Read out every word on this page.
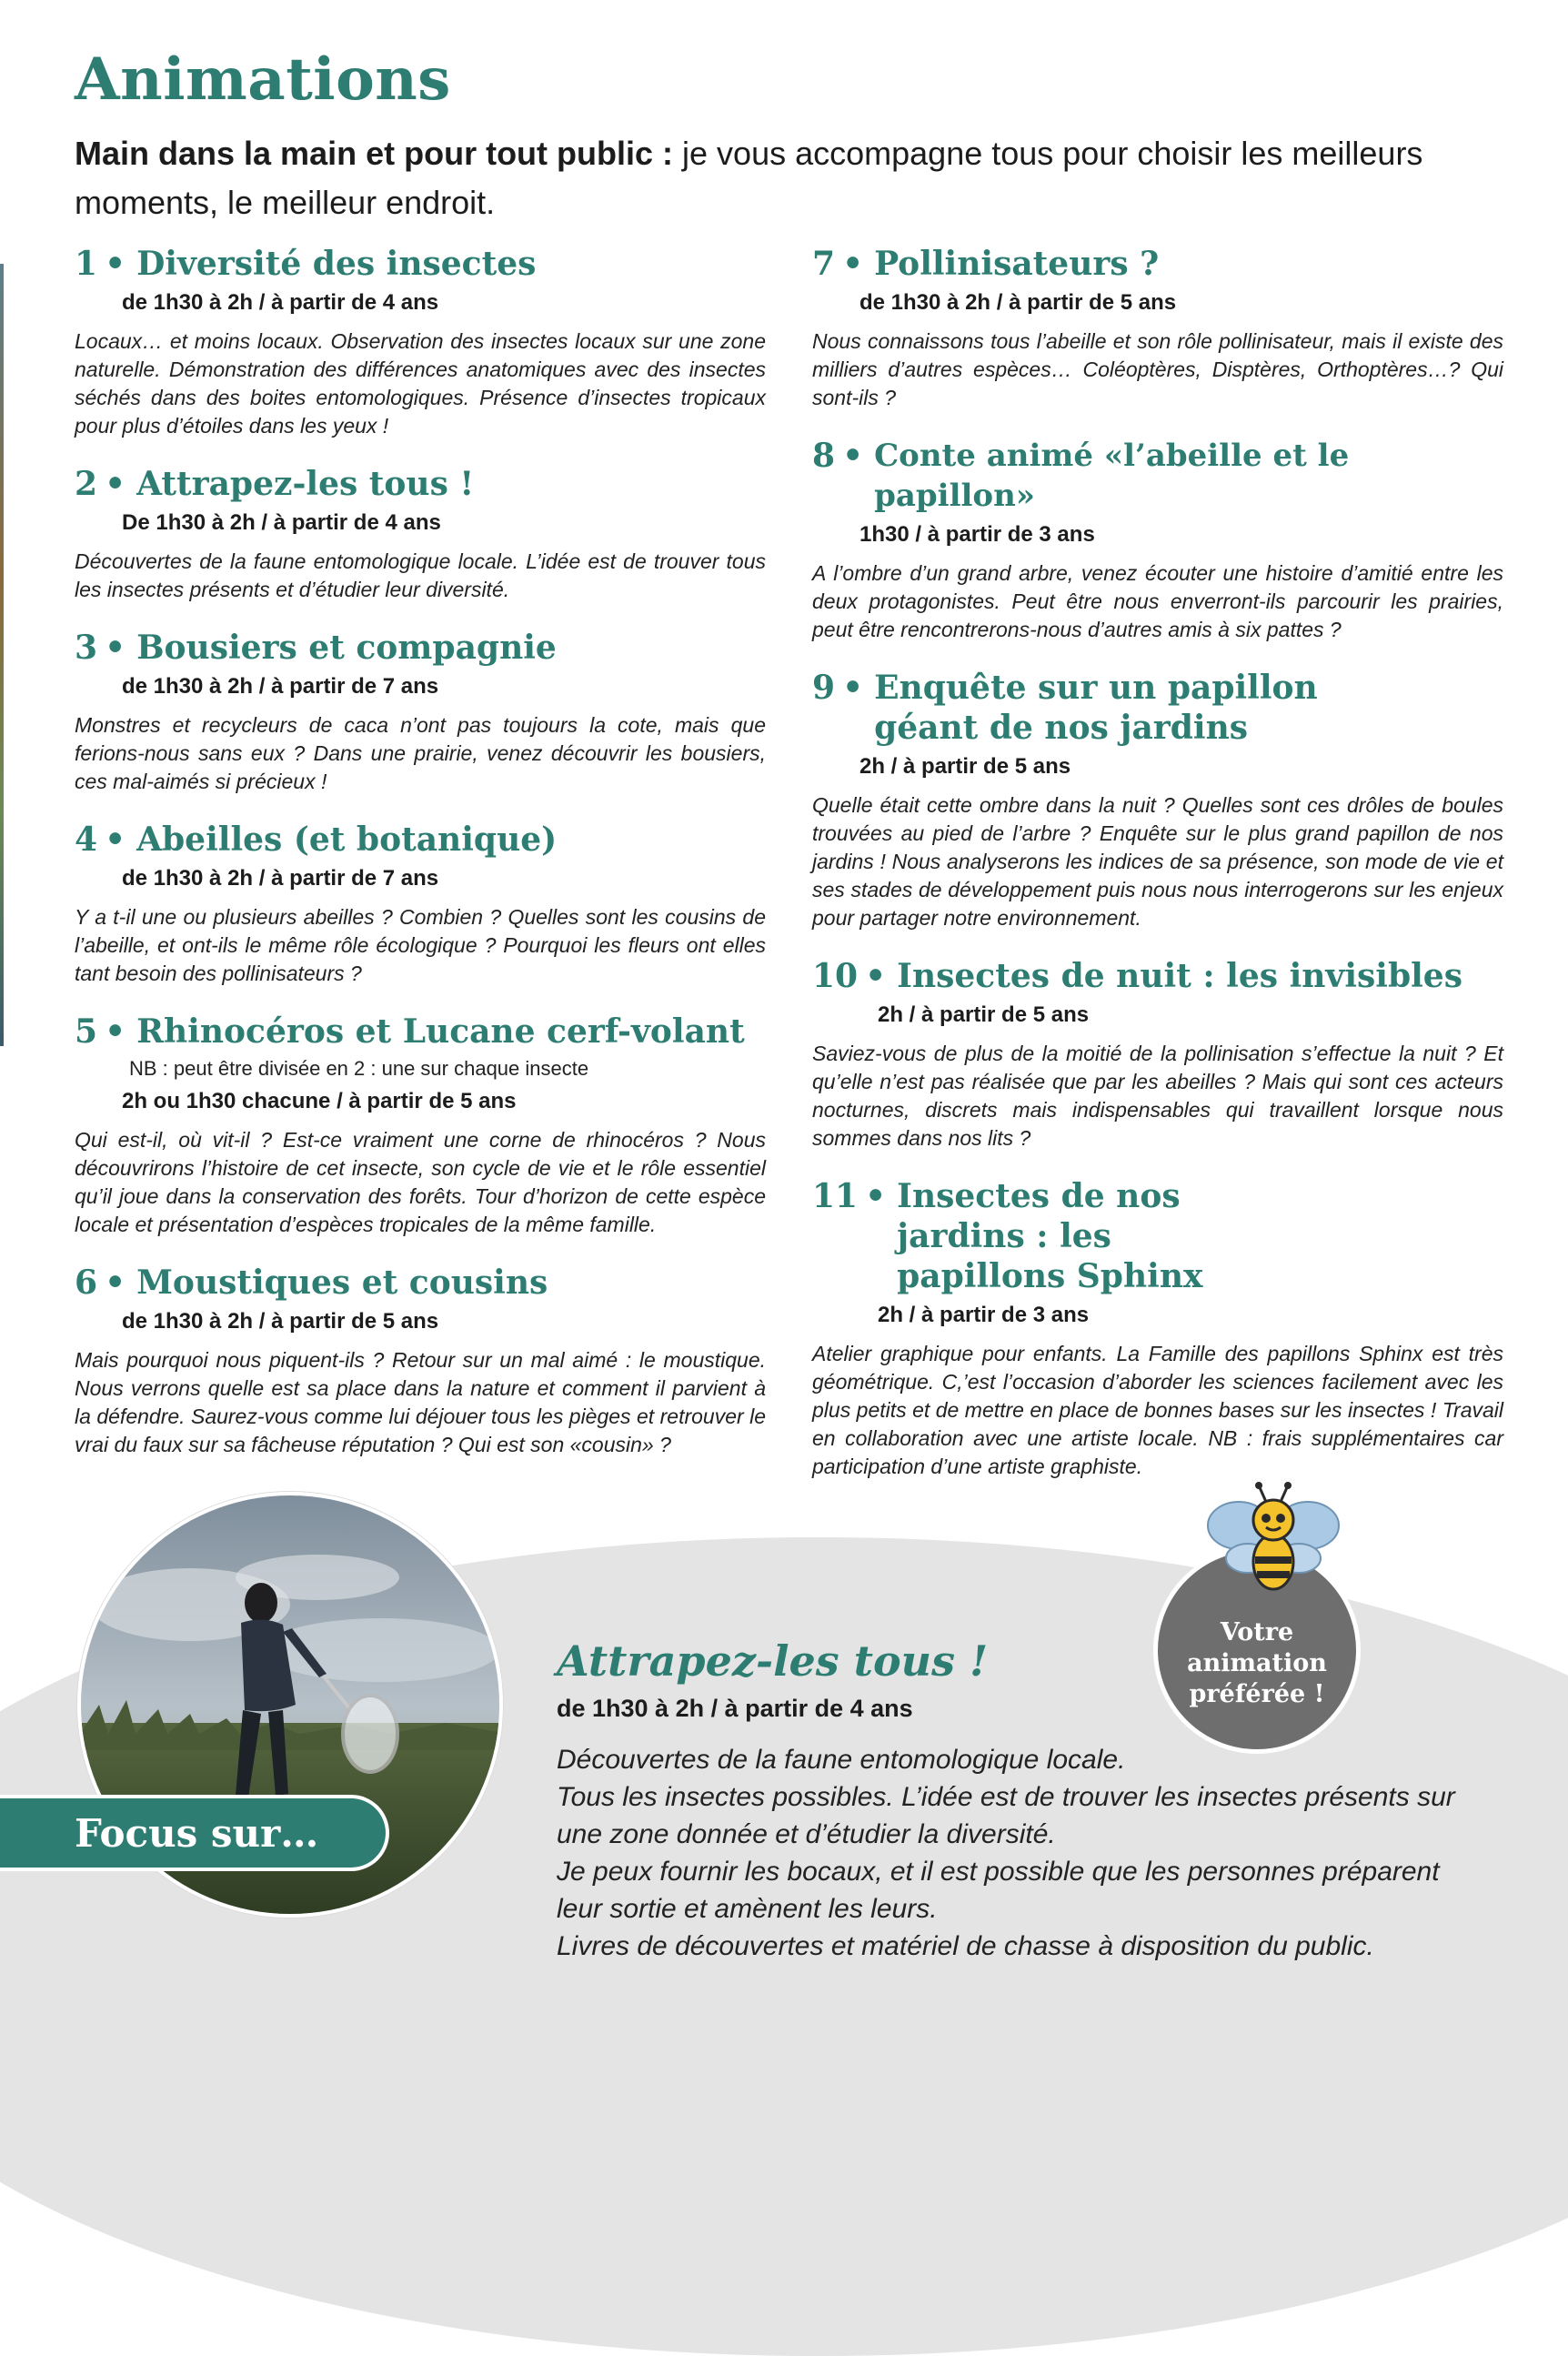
Animations

Main dans la main et pour tout public : je vous accompagne tous pour choisir les meilleurs moments, le meilleur endroit.

1 • Diversité des insectes
de 1h30 à 2h / à partir de 4 ans
Locaux… et moins locaux. Observation des insectes locaux sur une zone naturelle. Démonstration des différences anatomiques avec des insectes séchés dans des boites entomologiques. Présence d’insectes tropicaux pour plus d’étoiles dans les yeux !
2 • Attrapez-les tous !
De 1h30 à 2h / à partir de 4 ans
Découvertes de la faune entomologique locale. L’idée est de trouver tous les insectes présents et d’étudier leur diversité.
3 • Bousiers et compagnie
de 1h30 à 2h / à partir de 7 ans
Monstres et recycleurs de caca n’ont pas toujours la cote, mais que ferions-nous sans eux ? Dans une prairie, venez découvrir les bousiers, ces mal-aimés si précieux !
4 • Abeilles (et botanique)
de 1h30 à 2h / à partir de 7 ans
Y a t-il une ou plusieurs abeilles ? Combien ? Quelles sont les cousins de l’abeille, et ont-ils le même rôle écologique ? Pourquoi les fleurs ont elles tant besoin des pollinisateurs ?
5 • Rhinocéros et Lucane cerf-volant
NB : peut être divisée en 2 : une sur chaque insecte
2h ou 1h30 chacune / à partir de 5 ans
Qui est-il, où vit-il ? Est-ce vraiment une corne de rhinocéros ? Nous découvrirons l’histoire de cet insecte, son cycle de vie et le rôle essentiel qu’il joue dans la conservation des forêts. Tour d’horizon de cette espèce locale et présentation d’espèces tropicales de la même famille.
6 • Moustiques et cousins
de 1h30 à 2h / à partir de 5 ans
Mais pourquoi nous piquent-ils ? Retour sur un mal aimé : le moustique. Nous verrons quelle est sa place dans la nature et comment il parvient à la défendre. Saurez-vous comme lui déjouer tous les pièges et retrouver le vrai du faux sur sa fâcheuse réputation ? Qui est son «cousin» ?
7 • Pollinisateurs ?
de 1h30 à 2h / à partir de 5 ans
Nous connaissons tous l’abeille et son rôle pollinisateur, mais il existe des milliers d’autres espèces… Coléoptères, Disptères, Orthoptères…? Qui sont-ils ?
8 • Conte animé «l’abeille et le papillon»
1h30 / à partir de 3 ans
A l’ombre d’un grand arbre, venez écouter une histoire d’amitié entre les deux protagonistes. Peut être nous enverront-ils parcourir les prairies, peut être rencontrerons-nous d’autres amis à six pattes ?
9 • Enquête sur un papillon géant de nos jardins
2h / à partir de 5 ans
Quelle était cette ombre dans la nuit ? Quelles sont ces drôles de boules trouvées au pied de l’arbre ? Enquête sur le plus grand papillon de nos jardins ! Nous analyserons les indices de sa présence, son mode de vie et ses stades de développement puis nous nous interrogerons sur les enjeux pour partager notre environnement.
10 • Insectes de nuit : les invisibles
2h / à partir de 5 ans
Saviez-vous de plus de la moitié de la pollinisation s’effectue la nuit ? Et qu’elle n’est pas réalisée que par les abeilles ? Mais qui sont ces acteurs nocturnes, discrets mais indispensables qui travaillent lorsque nous sommes dans nos lits ?
11 • Insectes de nos jardins : les papillons Sphinx
2h / à partir de 3 ans
Atelier graphique pour enfants. La Famille des papillons Sphinx est très géométrique. C,’est l’occasion d’aborder les sciences facilement avec les plus petits et de mettre en place de bonnes bases sur les insectes ! Travail en collaboration avec une artiste locale. NB : frais supplémentaires car participation d’une artiste graphiste.
Focus sur…
Attrapez-les tous !
de 1h30 à 2h / à partir de 4 ans
Découvertes de la faune entomologique locale.
Tous les insectes possibles. L’idée est de trouver les insectes présents sur une zone donnée et d’étudier la diversité.
Je peux fournir les bocaux, et il est possible que les personnes préparent leur sortie et amènent les leurs.
Livres de découvertes et matériel de chasse à disposition du public.
Votre
animation
préférée !
